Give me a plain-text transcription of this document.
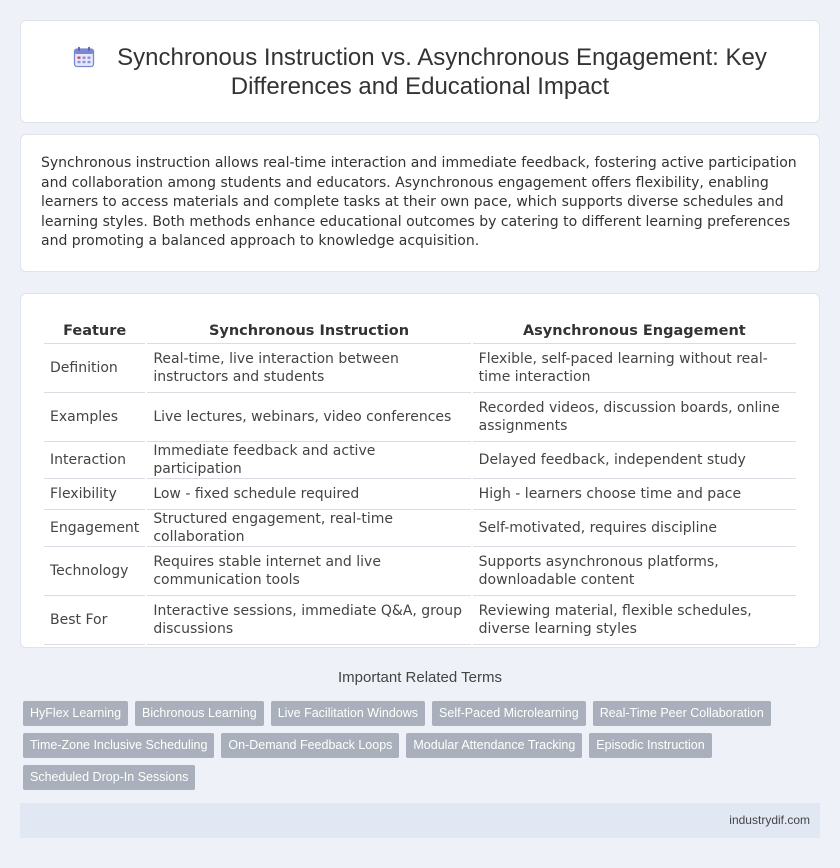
Synchronous Instruction vs. Asynchronous Engagement: Key Differences and Educational Impact

Synchronous instruction allows real-time interaction and immediate feedback, fostering active participation and collaboration among students and educators. Asynchronous engagement offers flexibility, enabling learners to access materials and complete tasks at their own pace, which supports diverse schedules and learning styles. Both methods enhance educational outcomes by catering to different learning preferences and promoting a balanced approach to knowledge acquisition.

Feature	Synchronous Instruction	Asynchronous Engagement
Definition	Real-time, live interaction between instructors and students	Flexible, self-paced learning without real-time interaction
Examples	Live lectures, webinars, video conferences	Recorded videos, discussion boards, online assignments
Interaction	Immediate feedback and active participation	Delayed feedback, independent study
Flexibility	Low - fixed schedule required	High - learners choose time and pace
Engagement	Structured engagement, real-time collaboration	Self-motivated, requires discipline
Technology	Requires stable internet and live communication tools	Supports asynchronous platforms, downloadable content
Best For	Interactive sessions, immediate Q&A, group discussions	Reviewing material, flexible schedules, diverse learning styles
Important Related Terms
HyFlex Learning	Bichronous Learning	Live Facilitation Windows	Self-Paced Microlearning	Real-Time Peer Collaboration
Time-Zone Inclusive Scheduling	On-Demand Feedback Loops	Modular Attendance Tracking	Episodic Instruction
Scheduled Drop-In Sessions
industrydif.com
